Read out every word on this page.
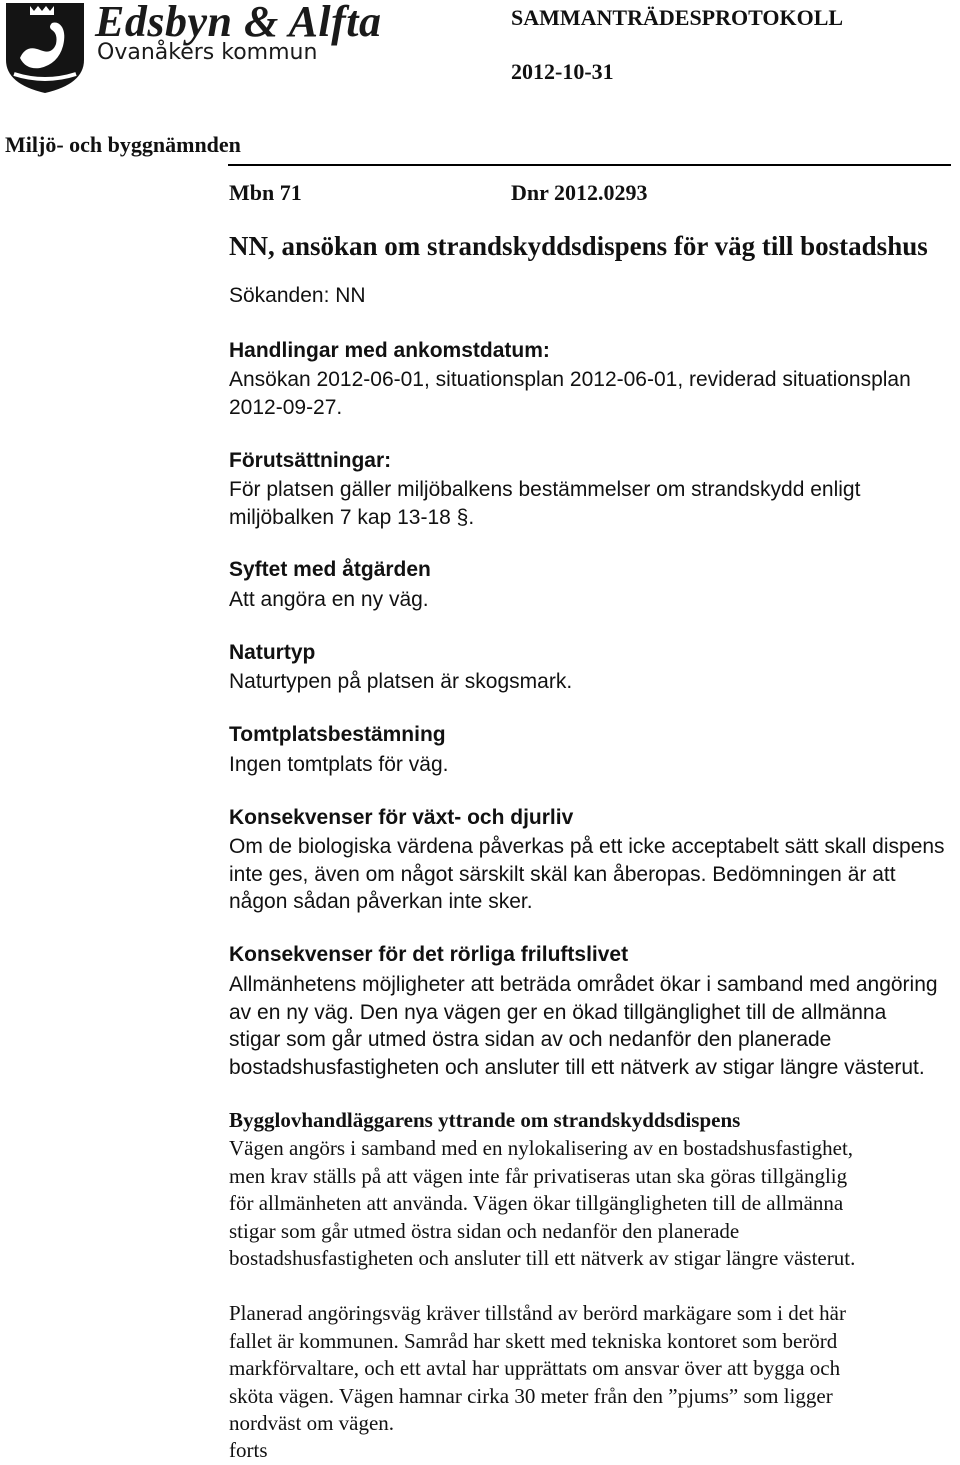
Edsbyn & Alfta
Ovanåkers kommun
SAMMANTRÄDESPROTOKOLL
2012-10-31
Miljö- och byggnämnden
Mbn 71	Dnr 2012.0293
NN, ansökan om strandskyddsdispens för väg till bostadshus
Sökanden: NN
Handlingar med ankomstdatum:
Ansökan 2012-06-01, situationsplan 2012-06-01, reviderad situationsplan
2012-09-27.
Förutsättningar:
För platsen gäller miljöbalkens bestämmelser om strandskydd enligt
miljöbalken 7 kap 13-18 §.
Syftet med åtgärden
Att angöra en ny väg.
Naturtyp
Naturtypen på platsen är skogsmark.
Tomtplatsbestämning
Ingen tomtplats för väg.
Konsekvenser för växt- och djurliv
Om de biologiska värdena påverkas på ett icke acceptabelt sätt skall dispens
inte ges, även om något särskilt skäl kan åberopas. Bedömningen är att
någon sådan påverkan inte sker.
Konsekvenser för det rörliga friluftslivet
Allmänhetens möjligheter att beträda området ökar i samband med angöring
av en ny väg. Den nya vägen ger en ökad tillgänglighet till de allmänna
stigar som går utmed östra sidan av och nedanför den planerade
bostadshusfastigheten och ansluter till ett nätverk av stigar längre västerut.
Bygglovhandläggarens yttrande om strandskyddsdispens
Vägen angörs i samband med en nylokalisering av en bostadshusfastighet,
men krav ställs på att vägen inte får privatiseras utan ska göras tillgänglig
för allmänheten att använda. Vägen ökar tillgängligheten till de allmänna
stigar som går utmed östra sidan och nedanför den planerade
bostadshusfastigheten och ansluter till ett nätverk av stigar längre västerut.
Planerad angöringsväg kräver tillstånd av berörd markägare som i det här
fallet är kommunen. Samråd har skett med tekniska kontoret som berörd
markförvaltare, och ett avtal har upprättats om ansvar över att bygga och
sköta vägen. Vägen hamnar cirka 30 meter från den ”pjums” som ligger
nordväst om vägen.
forts
